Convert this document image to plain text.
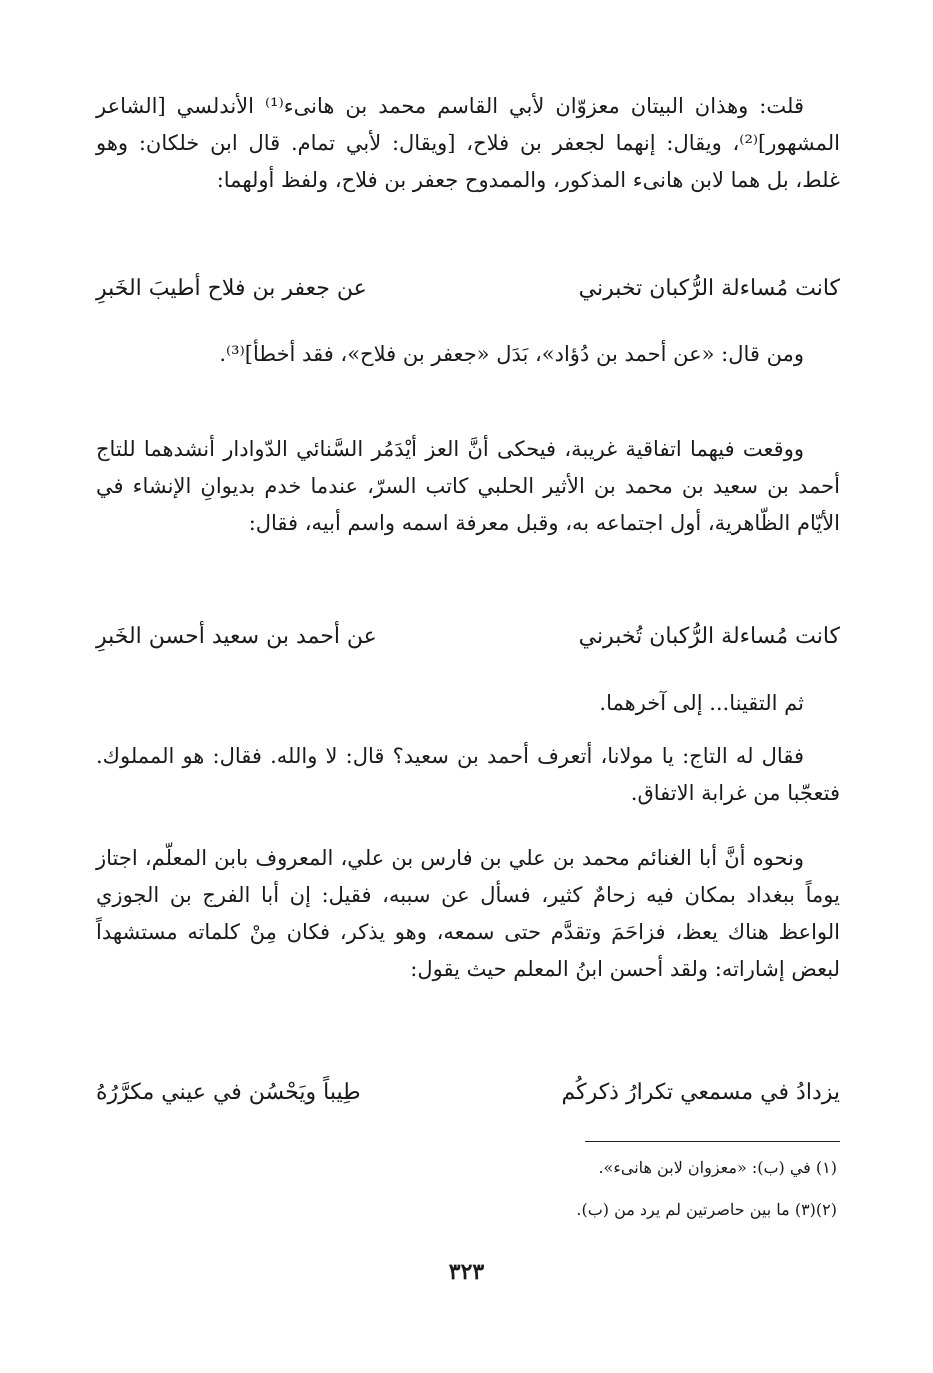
قلت: وهذان البيتان معزوّان لأبي القاسم محمد بن هانىء⁽¹⁾ الأندلسي [الشاعر المشهور]⁽²⁾، ويقال: إنهما لجعفر بن فلاح، [ويقال: لأبي تمام. قال ابن خلكان: وهو غلط، بل هما لابن هانىء المذكور، والممدوح جعفر بن فلاح، ولفظ أولهما:

كانت مُساءلة الرُّكبان تخبرني
عن جعفر بن فلاح أطيبَ الخَبرِ

ومن قال: «عن أحمد بن دُؤاد»، بَدَل «جعفر بن فلاح»، فقد أخطأ]⁽³⁾.

ووقعت فيهما اتفاقية غريبة، فيحكى أنَّ العز أيْدَمُر السَّنائي الدّوادار أنشدهما للتاج أحمد بن سعيد بن محمد بن الأثير الحلبي كاتب السرّ، عندما خدم بديوانِ الإنشاء في الأيّام الظّاهرية، أول اجتماعه به، وقبل معرفة اسمه واسم أبيه، فقال:

كانت مُساءلة الرُّكبان تُخبرني
عن أحمد بن سعيد أحسن الخَبرِ

ثم التقينا... إلى آخرهما.

فقال له التاج: يا مولانا، أتعرف أحمد بن سعيد؟ قال: لا والله. فقال: هو المملوك. فتعجّبا من غرابة الاتفاق.

ونحوه أنَّ أبا الغنائم محمد بن علي بن فارس بن علي، المعروف بابن المعلّم، اجتاز يوماً ببغداد بمكان فيه زحامٌ كثير، فسأل عن سببه، فقيل: إن أبا الفرج بن الجوزي الواعظ هناك يعظ، فزاحَمَ وتقدَّم حتى سمعه، وهو يذكر، فكان مِنْ كلماته مستشهداً لبعض إشاراته: ولقد أحسن ابنُ المعلم حيث يقول:

يزدادُ في مسمعي تكرارُ ذكركُم
طِيباً ويَحْسُن في عيني مكرَّرُهُ
(١) في (ب): «معزوان لابن هانىء».
(٢)(٣) ما بين حاصرتين لم يرد من (ب).
٣٢٣
